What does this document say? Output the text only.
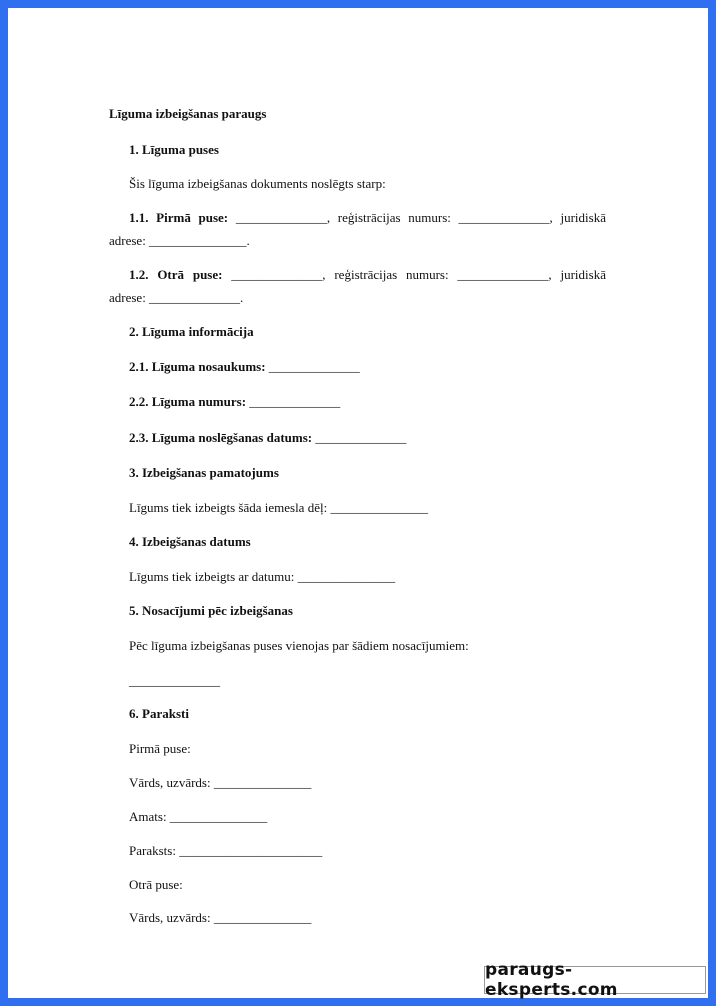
Līguma izbeigšanas paraugs
1. Līguma puses
Šis līguma izbeigšanas dokuments noslēgts starp:
1.1. Pirmā puse: ______________, reģistrācijas numurs: ______________, juridiskā adrese: _______________.
1.2. Otrā puse: ______________, reģistrācijas numurs: ______________, juridiskā adrese: ______________.
2. Līguma informācija
2.1. Līguma nosaukums: ______________
2.2. Līguma numurs: ______________
2.3. Līguma noslēgšanas datums: ______________
3. Izbeigšanas pamatojums
Līgums tiek izbeigts šāda iemesla dēļ: _______________
4. Izbeigšanas datums
Līgums tiek izbeigts ar datumu: _______________
5. Nosacījumi pēc izbeigšanas
Pēc līguma izbeigšanas puses vienojas par šādiem nosacījumiem:
______________
6. Paraksti
Pirmā puse:
Vārds, uzvārds: _______________
Amats: _______________
Paraksts: ______________________
Otrā puse:
Vārds, uzvārds: _______________
paraugs-eksperts.com
